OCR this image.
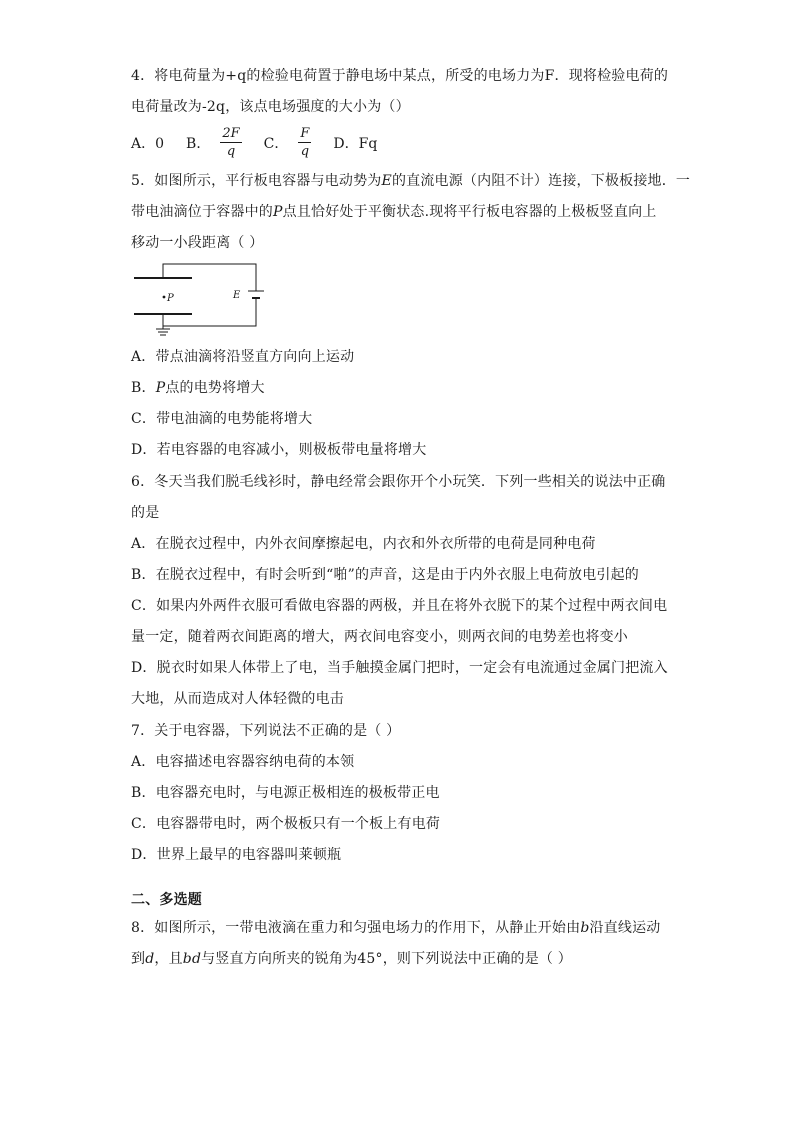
4．将电荷量为+q的检验电荷置于静电场中某点，所受的电场力为F．现将检验电荷的
电荷量改为-2q，该点电场强度的大小为（）
A．0 B． $\frac{2F}{q}$ C． $\frac{F}{q}$ D．Fq
5．如图所示，平行板电容器与电动势为E的直流电源（内阻不计）连接，下极板接地．一
带电油滴位于容器中的P点且恰好处于平衡状态.现将平行板电容器的上极板竖直向上
移动一小段距离（ ）
P	E
A．带点油滴将沿竖直方向向上运动
B．P点的电势将增大
C．带电油滴的电势能将增大
D．若电容器的电容减小，则极板带电量将增大
6．冬天当我们脱毛线衫时，静电经常会跟你开个小玩笑．下列一些相关的说法中正确
的是
A．在脱衣过程中，内外衣间摩擦起电，内衣和外衣所带的电荷是同种电荷
B．在脱衣过程中，有时会听到“啪”的声音，这是由于内外衣服上电荷放电引起的
C．如果内外两件衣服可看做电容器的两极，并且在将外衣脱下的某个过程中两衣间电
量一定，随着两衣间距离的增大，两衣间电容变小，则两衣间的电势差也将变小
D．脱衣时如果人体带上了电，当手触摸金属门把时，一定会有电流通过金属门把流入
大地，从而造成对人体轻微的电击
7．关于电容器，下列说法不正确的是（ ）
A．电容描述电容器容纳电荷的本领
B．电容器充电时，与电源正极相连的极板带正电
C．电容器带电时，两个极板只有一个板上有电荷
D．世界上最早的电容器叫莱顿瓶
二、多选题
8．如图所示，一带电液滴在重力和匀强电场力的作用下，从静止开始由b沿直线运动
到d，且bd与竖直方向所夹的锐角为45°，则下列说法中正确的是（ ）
